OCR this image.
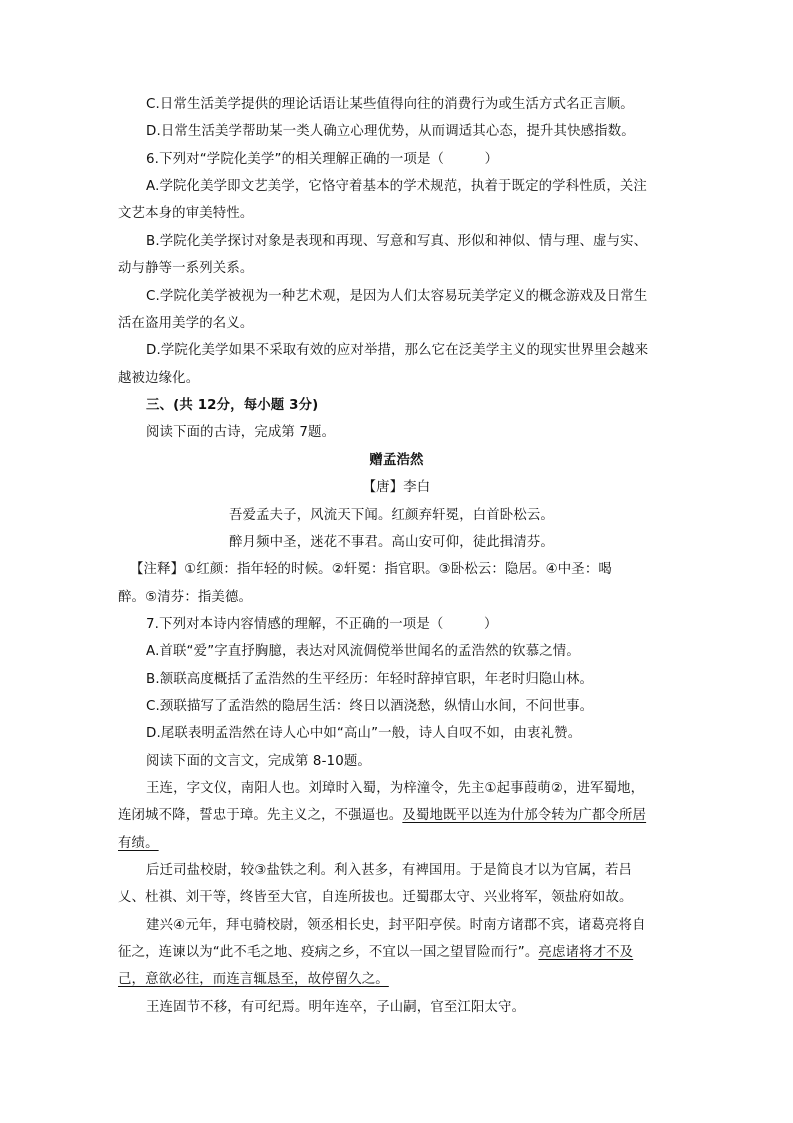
C.日常生活美学提供的理论话语让某些值得向往的消费行为或生活方式名正言顺。
D.日常生活美学帮助某一类人确立心理优势，从而调适其心态，提升其快感指数。
6.下列对“学院化美学”的相关理解正确的一项是（　　　）
A.学院化美学即文艺美学，它恪守着基本的学术规范，执着于既定的学科性质，关注
文艺本身的审美特性。
B.学院化美学探讨对象是表现和再现、写意和写真、形似和神似、情与理、虚与实、
动与静等一系列关系。
C.学院化美学被视为一种艺术观，是因为人们太容易玩美学定义的概念游戏及日常生
活在盗用美学的名义。
D.学院化美学如果不采取有效的应对举措，那么它在泛美学主义的现实世界里会越来
越被边缘化。
三、(共 12分，每小题 3分)
阅读下面的古诗，完成第 7题。
赠孟浩然
【唐】李白
吾爱孟夫子，风流天下闻。红颜弃轩冕，白首卧松云。
醉月频中圣，迷花不事君。高山安可仰，徒此揖清芬。
【注释】①红颜：指年轻的时候。②轩冕：指官职。③卧松云：隐居。④中圣：喝
醉。⑤清芬：指美德。
7.下列对本诗内容情感的理解，不正确的一项是（　　　）
A.首联“爱”字直抒胸臆，表达对风流倜傥举世闻名的孟浩然的钦慕之情。
B.颔联高度概括了孟浩然的生平经历：年轻时辞掉官职，年老时归隐山林。
C.颈联描写了孟浩然的隐居生活：终日以酒浇愁，纵情山水间，不问世事。
D.尾联表明孟浩然在诗人心中如“高山”一般，诗人自叹不如，由衷礼赞。
阅读下面的文言文，完成第 8-10题。
王连，字文仪，南阳人也。刘璋时入蜀，为梓潼令，先主①起事葭萌②，进军蜀地，
连闭城不降，誓忠于璋。先主义之，不强逼也。及蜀地既平以连为什邡令转为广都令所居
有绩。
后迁司盐校尉，较③盐铁之利。利入甚多，有裨国用。于是简良才以为官属，若吕
乂、杜祺、刘干等，终皆至大官，自连所拔也。迁蜀郡太守、兴业将军，领盐府如故。
建兴④元年，拜屯骑校尉，领丞相长史，封平阳亭侯。时南方诸郡不宾，诸葛亮将自
征之，连谏以为“此不毛之地、疫病之乡，不宜以一国之望冒险而行”。亮虑诸将才不及
己，意欲必往，而连言辄恳至，故停留久之。
王连固节不移，有可纪焉。明年连卒，子山嗣，官至江阳太守。
